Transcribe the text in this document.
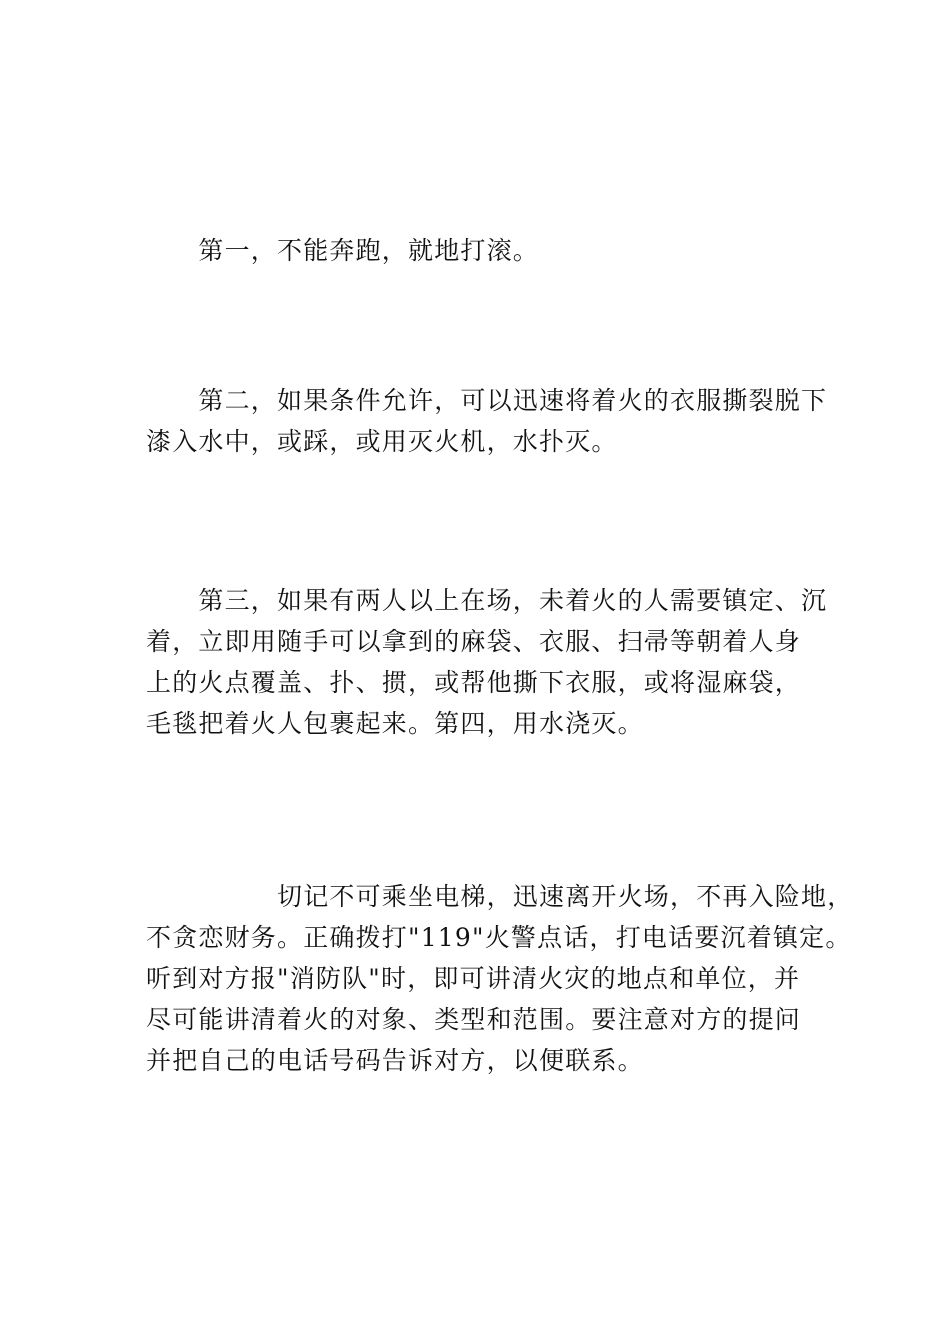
　　第一，不能奔跑，就地打滚。

　　第二，如果条件允许，可以迅速将着火的衣服撕裂脱下
漆入水中，或踩，或用灭火机，水扑灭。

　　第三，如果有两人以上在场，未着火的人需要镇定、沉
着，立即用随手可以拿到的麻袋、衣服、扫帚等朝着人身
上的火点覆盖、扑、掼，或帮他撕下衣服，或将湿麻袋，
毛毯把着火人包裹起来。第四，用水浇灭。

　　　　　切记不可乘坐电梯，迅速离开火场，不再入险地，
不贪恋财务。正确拨打"119"火警点话，打电话要沉着镇定。
听到对方报"消防队"时，即可讲清火灾的地点和单位，并
尽可能讲清着火的对象、类型和范围。要注意对方的提问
并把自己的电话号码告诉对方，以便联系。
